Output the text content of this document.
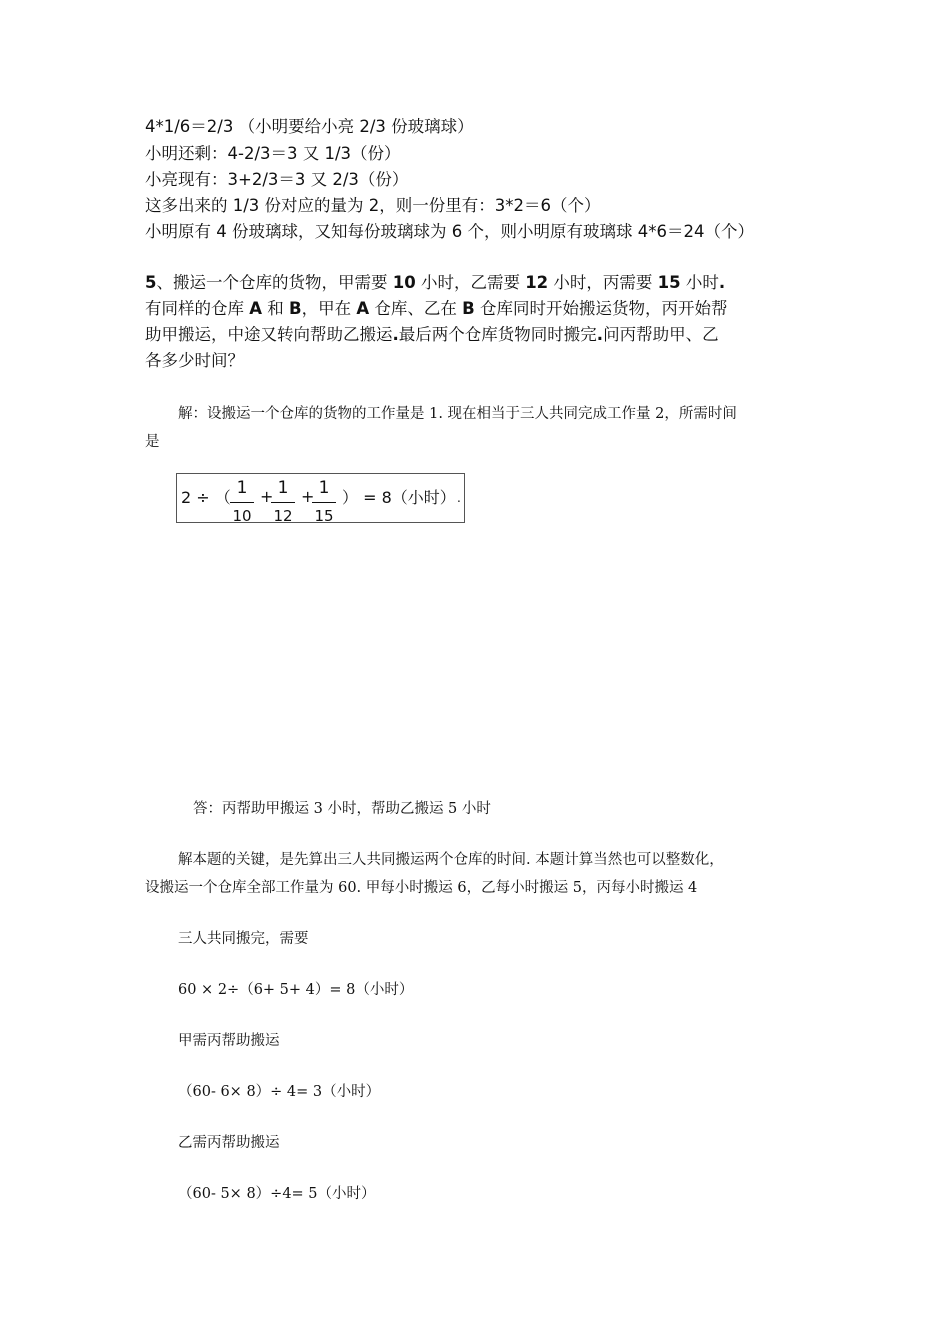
4*1/6＝2/3 （小明要给小亮 2/3 份玻璃球）
小明还剩：4-2/3＝3 又 1/3（份）
小亮现有：3+2/3＝3 又 2/3（份）
这多出来的 1/3 份对应的量为 2，则一份里有：3*2＝6（个）
小明原有 4 份玻璃球，又知每份玻璃球为 6 个，则小明原有玻璃球 4*6＝24（个）
5、搬运一个仓库的货物，甲需要 10 小时，乙需要 12 小时，丙需要 15 小时.
有同样的仓库 A 和 B，甲在 A 仓库、乙在 B 仓库同时开始搬运货物，丙开始帮
助甲搬运，中途又转向帮助乙搬运.最后两个仓库货物同时搬完.问丙帮助甲、乙
各多少时间？
解：设搬运一个仓库的货物的工作量是 1. 现在相当于三人共同完成工作量 2，所需时间
是
2 ÷ （ 1
10
+ 1
12
+ 1
15
） = 8（小时） .
答：丙帮助甲搬运 3 小时，帮助乙搬运 5 小时
解本题的关键，是先算出三人共同搬运两个仓库的时间. 本题计算当然也可以整数化，
设搬运一个仓库全部工作量为 60. 甲每小时搬运 6，乙每小时搬运 5，丙每小时搬运 4
三人共同搬完，需要
60 × 2÷（6+ 5+ 4）= 8（小时）
甲需丙帮助搬运
（60- 6× 8）÷ 4= 3（小时）
乙需丙帮助搬运
（60- 5× 8）÷4= 5（小时）
